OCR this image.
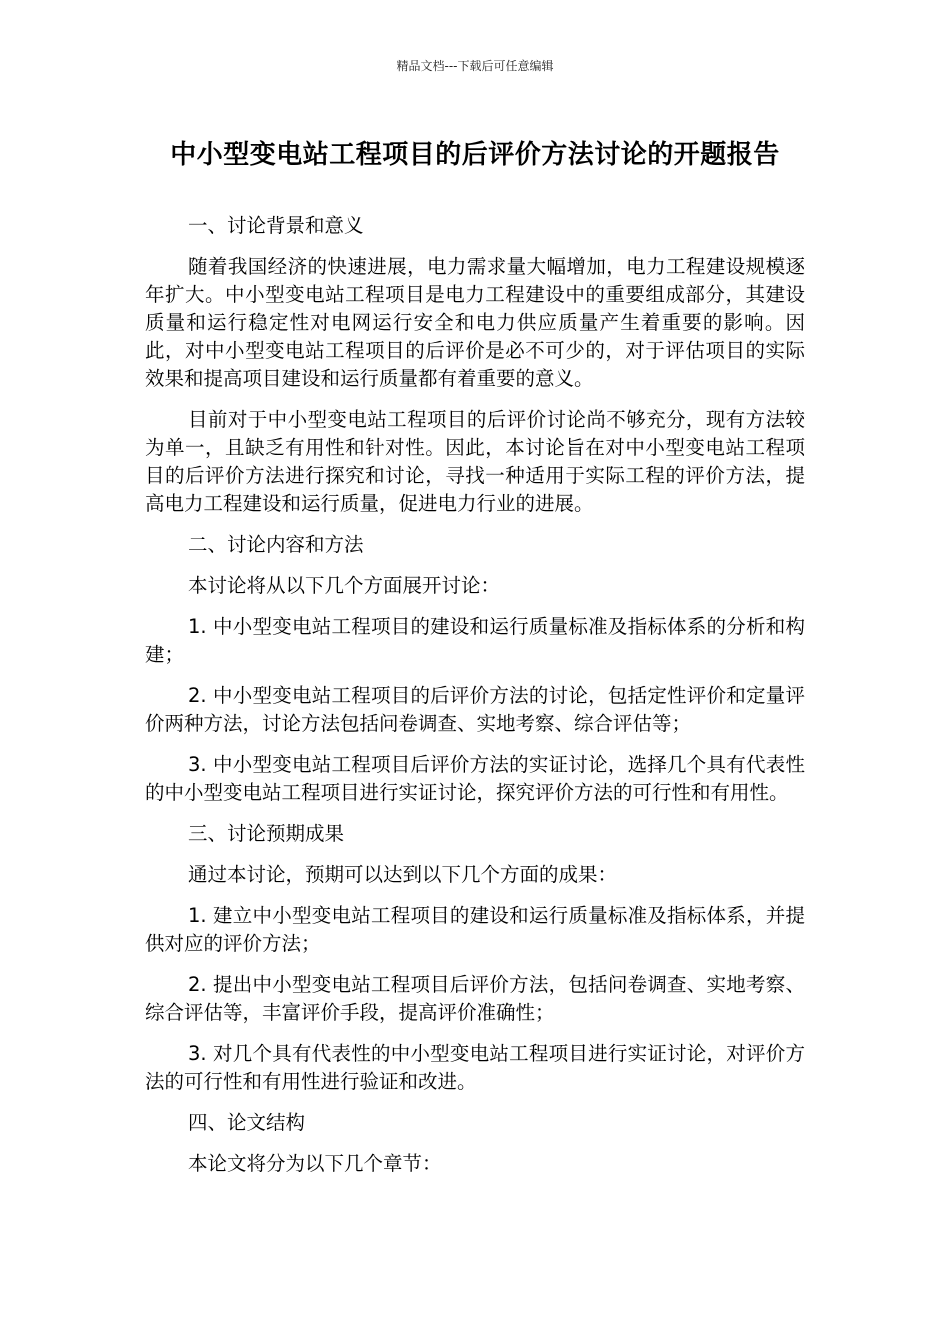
精品文档---下载后可任意编辑
中小型变电站工程项目的后评价方法讨论的开题报告

一、讨论背景和意义

随着我国经济的快速进展，电力需求量大幅增加，电力工程建设规模逐年扩大。中小型变电站工程项目是电力工程建设中的重要组成部分，其建设质量和运行稳定性对电网运行安全和电力供应质量产生着重要的影响。因此，对中小型变电站工程项目的后评价是必不可少的，对于评估项目的实际效果和提高项目建设和运行质量都有着重要的意义。

目前对于中小型变电站工程项目的后评价讨论尚不够充分，现有方法较为单一，且缺乏有用性和针对性。因此，本讨论旨在对中小型变电站工程项目的后评价方法进行探究和讨论，寻找一种适用于实际工程的评价方法，提高电力工程建设和运行质量，促进电力行业的进展。

二、讨论内容和方法

本讨论将从以下几个方面展开讨论：

1. 中小型变电站工程项目的建设和运行质量标准及指标体系的分析和构建；

2. 中小型变电站工程项目的后评价方法的讨论，包括定性评价和定量评价两种方法，讨论方法包括问卷调查、实地考察、综合评估等；

3. 中小型变电站工程项目后评价方法的实证讨论，选择几个具有代表性的中小型变电站工程项目进行实证讨论，探究评价方法的可行性和有用性。

三、讨论预期成果

通过本讨论，预期可以达到以下几个方面的成果：

1. 建立中小型变电站工程项目的建设和运行质量标准及指标体系，并提供对应的评价方法；

2. 提出中小型变电站工程项目后评价方法，包括问卷调查、实地考察、综合评估等，丰富评价手段，提高评价准确性；

3. 对几个具有代表性的中小型变电站工程项目进行实证讨论，对评价方法的可行性和有用性进行验证和改进。

四、论文结构

本论文将分为以下几个章节：
